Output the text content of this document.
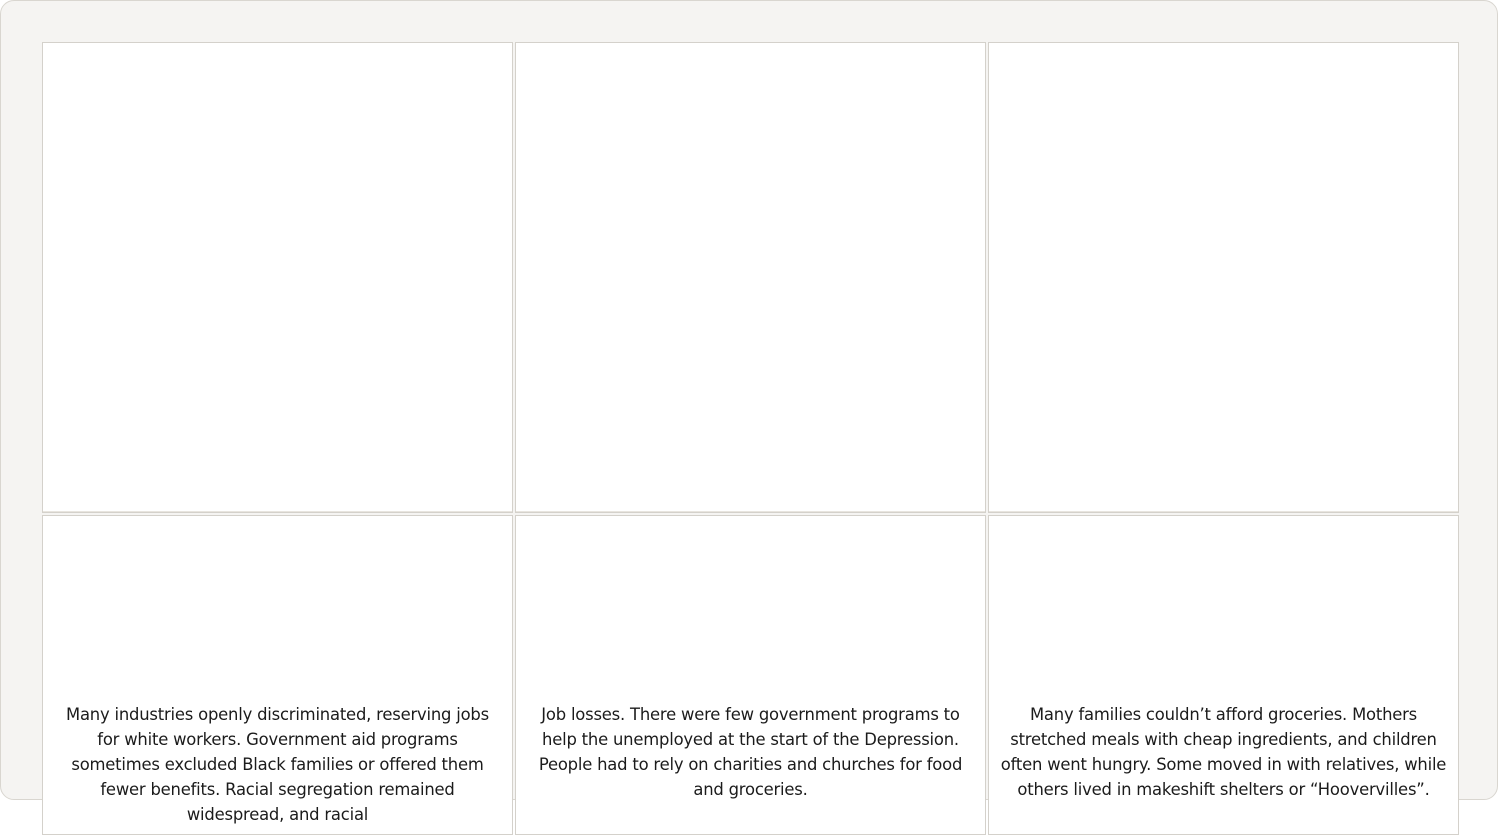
Many industries openly discriminated, reserving jobs for white workers. Government aid programs sometimes excluded Black families or offered them fewer benefits. Racial segregation remained widespread, and racial

Job losses. There were few government programs to help the unemployed at the start of the Depression. People had to rely on charities and churches for food and groceries.

Many families couldn’t afford groceries. Mothers stretched meals with cheap ingredients, and children often went hungry. Some moved in with relatives, while others lived in makeshift shelters or “Hoovervilles”.
